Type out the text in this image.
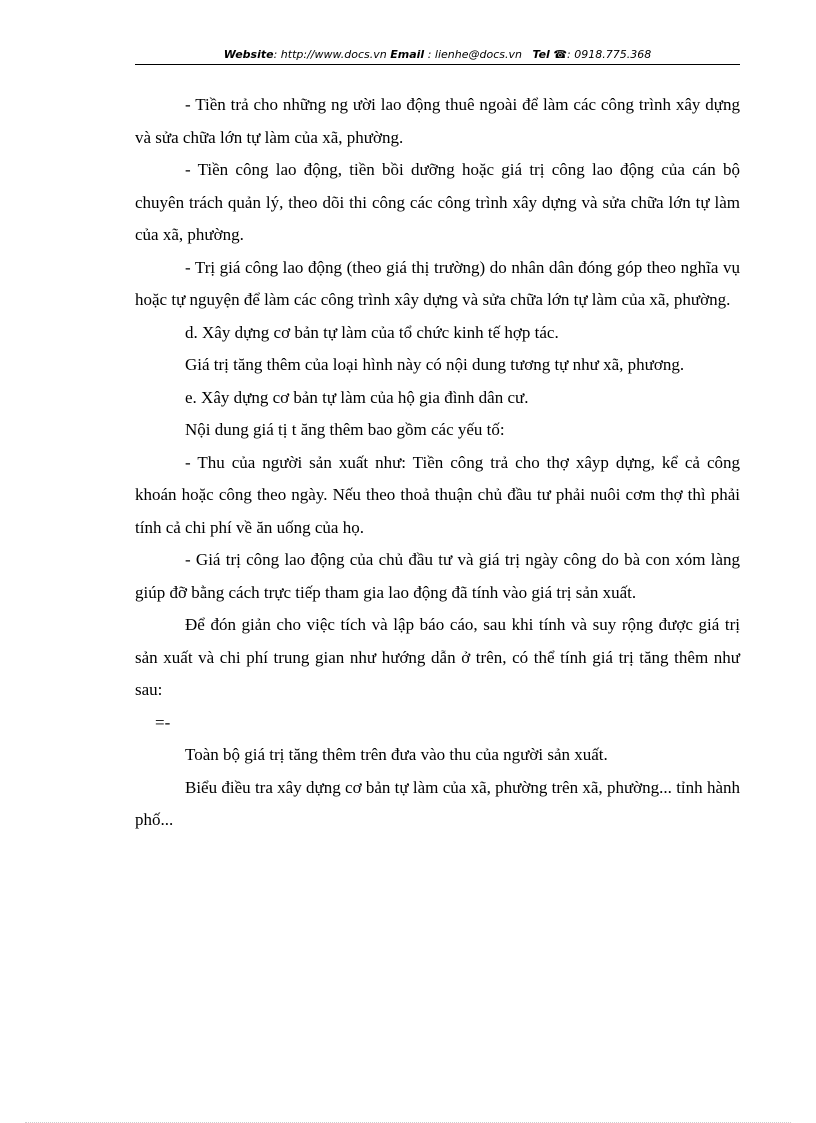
Website: http://www.docs.vn Email : lienhe@docs.vn Tel ☎: 0918.775.368

- Tiền trả cho những ng ười lao động thuê ngoài để làm các công trình xây dựng và sửa chữa lớn tự làm của xã, phường.

- Tiền công lao động, tiền bồi dưỡng hoặc giá trị công lao động của cán bộ chuyên trách quản lý, theo dõi thi công các công trình xây dựng và sửa chữa lớn tự làm của xã, phường.

- Trị giá công lao động (theo giá thị trường) do nhân dân đóng góp theo nghĩa vụ hoặc tự nguyện để làm các công trình xây dựng và sửa chữa lớn tự làm của xã, phường.

d. Xây dựng cơ bản tự làm của tổ chức kinh tế hợp tác.

Giá trị tăng thêm của loại hình này có nội dung tương tự như xã, phương.

e. Xây dựng cơ bản tự làm của hộ gia đình dân cư.

Nội dung giá tị t ăng thêm bao gồm các yếu tố:

- Thu của người sản xuất như: Tiền công trả cho thợ xâyp dựng, kể cả công khoán hoặc công theo ngày. Nếu theo thoả thuận chủ đầu tư phải nuôi cơm thợ thì phải tính cả chi phí về ăn uống của họ.

- Giá trị công lao động của chủ đầu tư và giá trị ngày công do bà con xóm làng giúp đỡ bằng cách trực tiếp tham gia lao động đã tính vào giá trị sản xuất.

Để đón giản cho việc tích và lập báo cáo, sau khi tính và suy rộng được giá trị sản xuất và chi phí trung gian như hướng dẫn ở trên, có thể tính giá trị tăng thêm như sau:

=-

Toàn bộ giá trị tăng thêm trên đưa vào thu của người sản xuất.

Biểu điều tra xây dựng cơ bản tự làm của xã, phường trên xã, phường... tỉnh hành phố...
